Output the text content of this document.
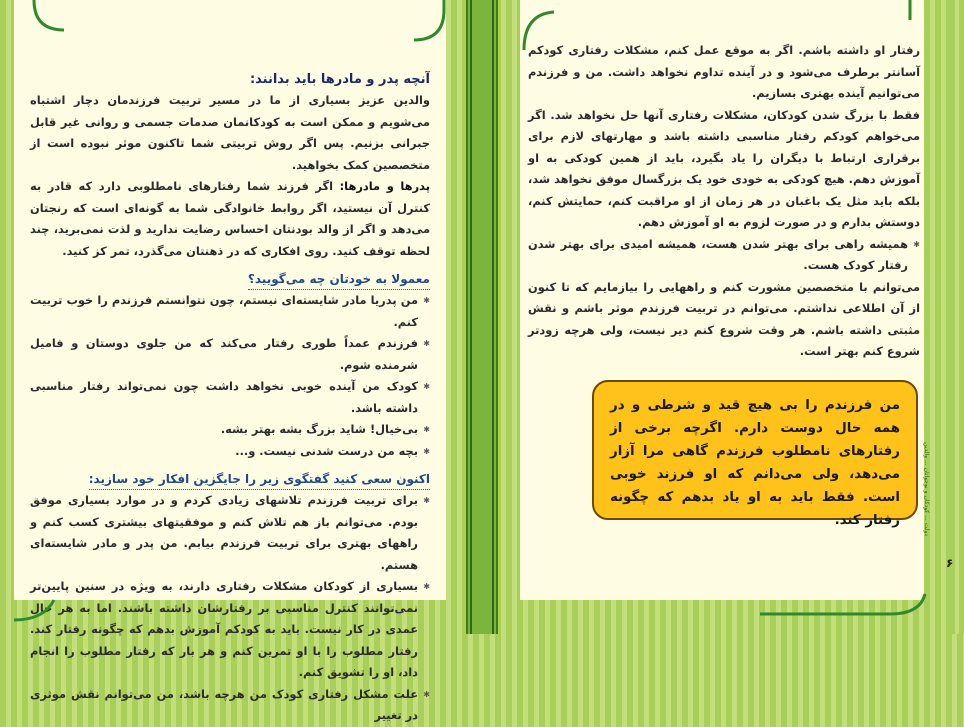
آنچه پدر و مادرها باید بدانند:

والدین عزیز بسیاری از ما در مسیر تربیت فرزندمان دچار اشتباه می‌شویم و ممکن است به کودکانمان صدمات جسمی و روانی غیر قابل جبرانی بزنیم. پس اگر روش تربیتی شما تاکنون موثر نبوده است از متخصصین کمک بخواهید.

پدرها و مادرها: اگر فرزند شما رفتارهای نامطلوبی دارد که قادر به کنترل آن نیستید، اگر روابط خانوادگی شما به گونه‌ای است که رنجتان می‌دهد و اگر از والد بودنتان احساس رضایت ندارید و لذت نمی‌برید، چند لحظه توقف کنید. روی افکاری که در ذهنتان می‌گذرد، تمر کز کنید.

معمولا به خودتان چه می‌گویید؟
✱ من پدریا مادر شایسته‌ای نیستم، چون نتوانستم فرزندم را خوب تربیت کنم.
✱ فرزندم عمداً طوری رفتار می‌کند که من جلوی دوستان و فامیل شرمنده شوم.
✱ کودک من آینده خوبی نخواهد داشت چون نمی‌تواند رفتار مناسبی داشته باشد.
✱ بی‌خیال! شاید بزرگ بشه بهتر بشه.
✱ بچه من درست شدنی نیست. و...
اکنون سعی کنید گفتگوی زیر را جایگزین افکار خود سازید:
✱ برای تربیت فرزندم تلاشهای زیادی کردم و در موارد بسیاری موفق بودم. می‌توانم باز هم تلاش کنم و موفقیتهای بیشتری کسب کنم و راههای بهتری برای تربیت فرزندم بیابم. من پدر و مادر شایسته‌ای هستم.
✱ بسیاری از کودکان مشکلات رفتاری دارند، به ویژه در سنین پایین‌تر نمی‌توانند کنترل مناسبی بر رفتارشان داشته باشند. اما به هر حال عمدی در کار نیست. باید به کودکم آموزش بدهم که چگونه رفتار کند. رفتار مطلوب را با او تمرین کنم و هر بار که رفتار مطلوب را انجام داد، او را تشویق کنم.
✱ علت مشکل رفتاری کودک من هرچه باشد، من می‌توانم نقش موثری در تغییر

رفتار او داشته باشم. اگر به موقع عمل کنم، مشکلات رفتاری کودکم آسانتر برطرف می‌شود و در آینده تداوم نخواهد داشت. من و فرزندم می‌توانیم آینده بهتری بسازیم.

فقط با بزرگ شدن کودکان، مشکلات رفتاری آنها حل نخواهد شد. اگر می‌خواهم کودکم رفتار مناسبی داشته باشد و مهارتهای لازم برای برقراری ارتباط با دیگران را یاد بگیرد، باید از همین کودکی به او آموزش دهم. هیچ کودکی به خودی خود یک بزرگسال موفق نخواهد شد، بلکه باید مثل یک باغبان در هر زمان از او مراقبت کنم، حمایتش کنم، دوستش بدارم و در صورت لزوم به او آموزش دهم.

✱ همیشه راهی برای بهتر شدن هست، همیشه امیدی برای بهتر شدن رفتار کودک هست.

می‌توانم با متخصصین مشورت کنم و راههایی را بیازمایم که تا کنون از آن اطلاعی نداشتم. می‌توانم در تربیت فرزندم موثر باشم و نقش مثبتی داشته باشم. هر وقت شروع کنم دیر نیست، ولی هرچه زودتر شروع کنم بهتر است.

من فرزندم را بی هیچ قید و شرطی و در همه حال دوست دارم. اگرچه برخی از رفتارهای نامطلوب فرزندم گاهی مرا آزار می‌دهد، ولی می‌دانم که او فرزند خوبی است. فقط باید به او یاد بدهم که چگونه رفتار کند.	دولت ... کودکان و نوجوانان ... والدین
۶
